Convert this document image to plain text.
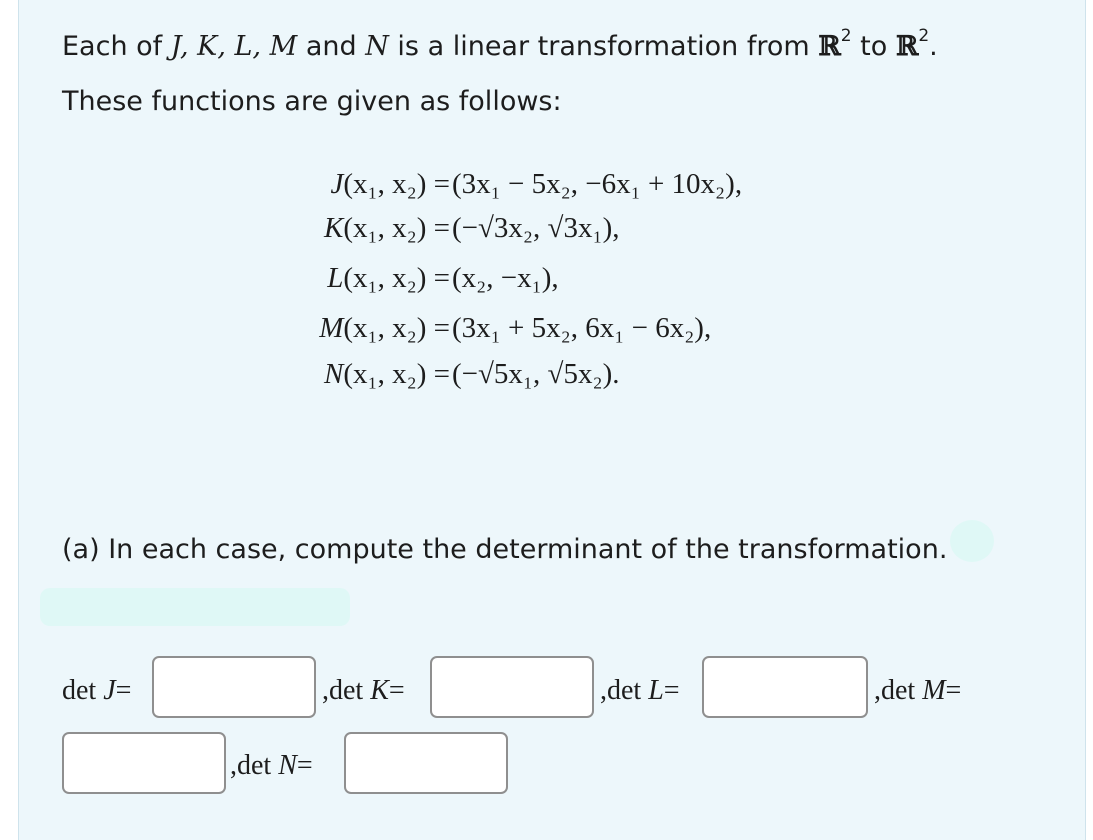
Each of J, K, L, M and N is a linear transformation from ℝ$^2$ to ℝ$^2$.
These functions are given as follows:
J(x₁, x₂) = (3x₁ − 5x₂, −6x₁ + 10x₂),
K(x₁, x₂) = (−√3x₂, √3x₁),
L(x₁, x₂) = (x₂, −x₁),
M(x₁, x₂) = (3x₁ + 5x₂, 6x₁ − 6x₂),
N(x₁, x₂) = (−√5x₁, √5x₂).
(a) In each case, compute the determinant of the transformation.
det J=	,det K=	,det L=	,det M=
,det N=
